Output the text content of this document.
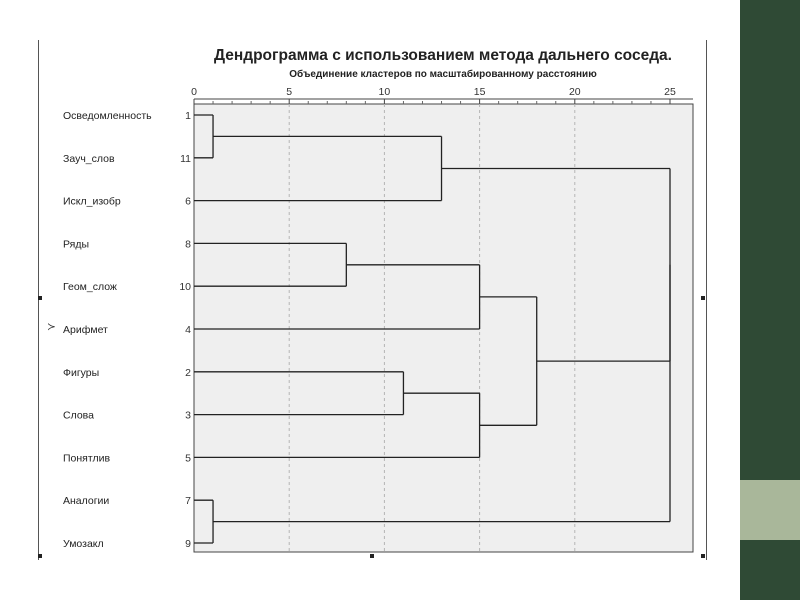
Дендрограмма с использованием метода дальнего соседа.
Объединение кластеров по масштабированному расстоянию
0	5	10	15	20	25
Осведомленность	1
Зауч_слов	11
Искл_изобр	6
Ряды	8
Геом_слож	10
Арифмет	4
Фигуры	2
Слова	3
Понятлив	5
Аналогии	7
Умозакл	9
≻
